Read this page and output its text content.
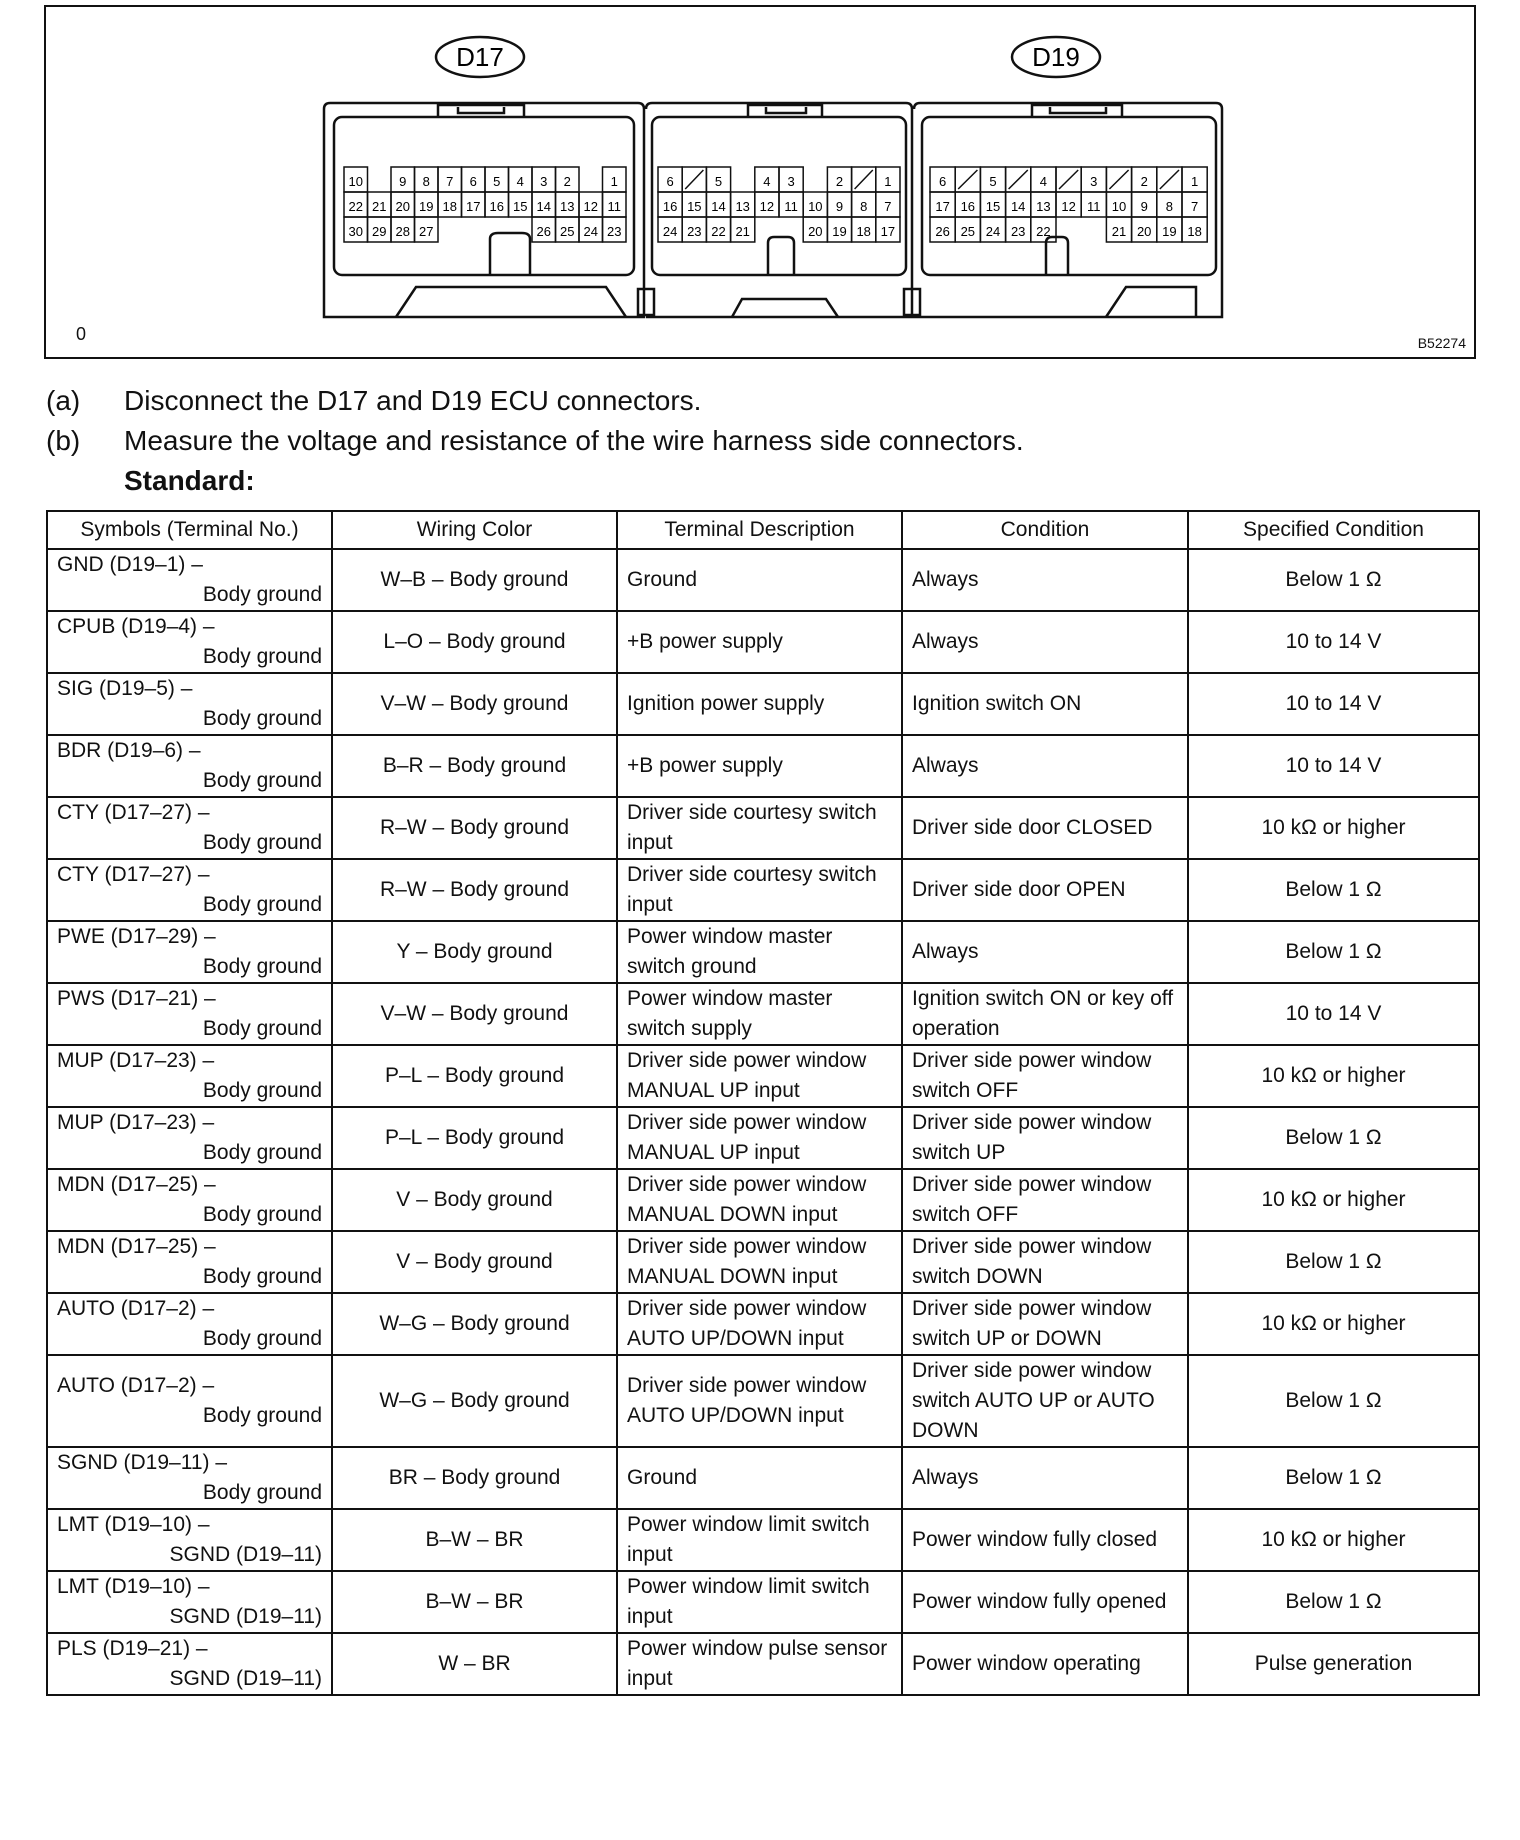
D17	D19
10	9 8 7 6 5 4 3 2	1
22 21 20 19 18 17 16 15 14 13 12 11
30 29 28 27	26 25 24 23
6	5	4 3	2	1
16 15 14 13 12 11 10 9 8 7
24 23 22 21	20 19 18 17
6	5	4	3	2	1
17 16 15 14 13 12 11 10 9 8 7
26 25 24 23 22	21 20 19 18
0	B52274
(a) Disconnect the D17 and D19 ECU connectors.
(b) Measure the voltage and resistance of the wire harness side connectors.
Standard:
Symbols (Terminal No.)	Wiring Color	Terminal Description	Condition	Specified Condition

GND (D19–1) –
Body ground	W–B – Body ground	Ground	Always	Below 1 Ω

CPUB (D19–4) –
Body ground	L–O – Body ground	+B power supply	Always	10 to 14 V

SIG (D19–5) –
Body ground	V–W – Body ground	Ignition power supply	Ignition switch ON	10 to 14 V

BDR (D19–6) –
Body ground	B–R – Body ground	+B power supply	Always	10 to 14 V

CTY (D17–27) –
Body ground	R–W – Body ground	Driver side courtesy switch input	Driver side door CLOSED	10 kΩ or higher

CTY (D17–27) –
Body ground	R–W – Body ground	Driver side courtesy switch input	Driver side door OPEN	Below 1 Ω

PWE (D17–29) –
Body ground	Y – Body ground	Power window master switch ground	Always	Below 1 Ω

PWS (D17–21) –
Body ground	V–W – Body ground	Power window master switch supply	Ignition switch ON or key off operation	10 to 14 V

MUP (D17–23) –
Body ground	P–L – Body ground	Driver side power window MANUAL UP input	Driver side power window switch OFF	10 kΩ or higher

MUP (D17–23) –
Body ground	P–L – Body ground	Driver side power window MANUAL UP input	Driver side power window switch UP	Below 1 Ω

MDN (D17–25) –
Body ground	V – Body ground	Driver side power window MANUAL DOWN input	Driver side power window switch OFF	10 kΩ or higher

MDN (D17–25) –
Body ground	V – Body ground	Driver side power window MANUAL DOWN input	Driver side power window switch DOWN	Below 1 Ω

AUTO (D17–2) –
Body ground	W–G – Body ground	Driver side power window AUTO UP/DOWN input	Driver side power window switch UP or DOWN	10 kΩ or higher

AUTO (D17–2) –
Body ground	W–G – Body ground	Driver side power window AUTO UP/DOWN input	Driver side power window switch AUTO UP or AUTO DOWN	Below 1 Ω

SGND (D19–11) –
Body ground	BR – Body ground	Ground	Always	Below 1 Ω

LMT (D19–10) –
SGND (D19–11)	B–W – BR	Power window limit switch input	Power window fully closed	10 kΩ or higher

LMT (D19–10) –
SGND (D19–11)	B–W – BR	Power window limit switch input	Power window fully opened	Below 1 Ω

PLS (D19–21) –
SGND (D19–11)	W – BR	Power window pulse sensor input	Power window operating	Pulse generation
